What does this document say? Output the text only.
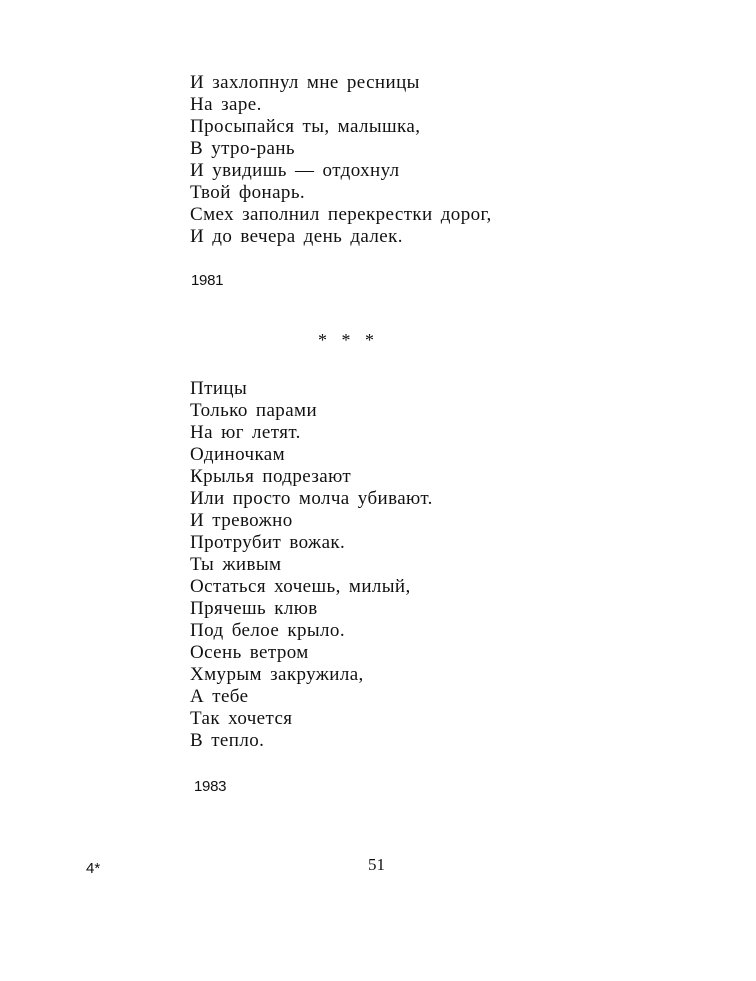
И захлопнул мне ресницы
На заре.
Просыпайся ты, малышка,
В утро-рань
И увидишь — отдохнул
Твой фонарь.
Смех заполнил перекрестки дорог,
И до вечера день далек.
1981
* * *
Птицы
Только парами
На юг летят.
Одиночкам
Крылья подрезают
Или просто молча убивают.
И тревожно
Протрубит вожак.
Ты живым
Остаться хочешь, милый,
Прячешь клюв
Под белое крыло.
Осень ветром
Хмурым закружила,
А тебе
Так хочется
В тепло.
1983
4*	51
